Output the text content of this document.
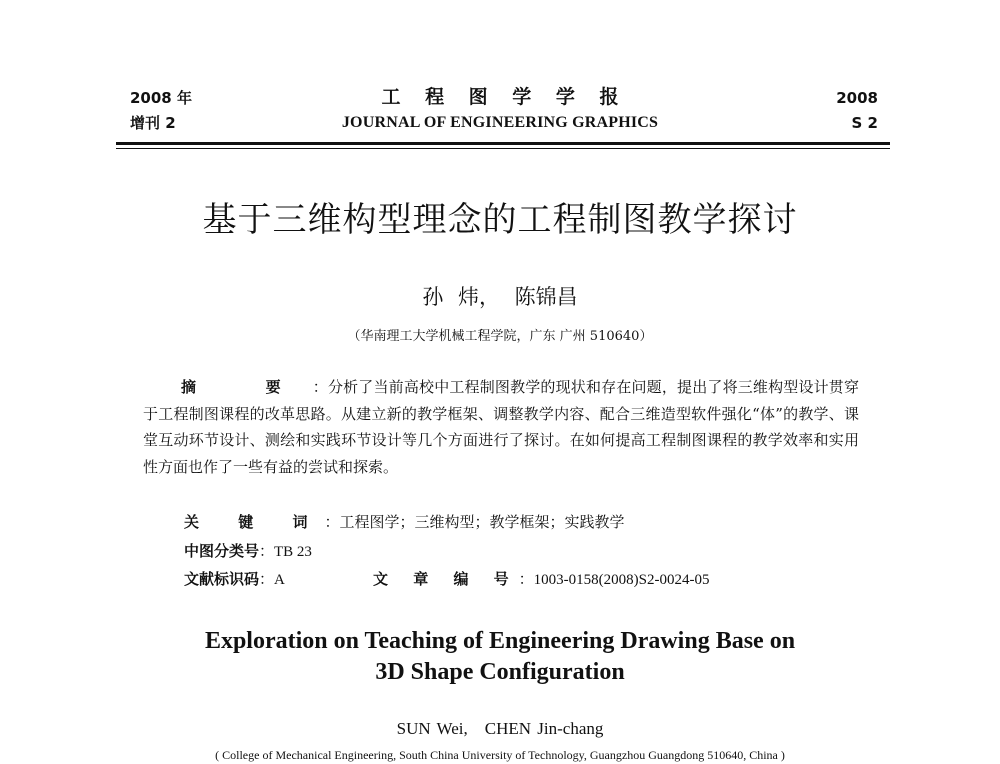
2008 年
增刊 2
工 程 图 学 学 报
JOURNAL OF ENGINEERING GRAPHICS
2008
S 2
基于三维构型理念的工程制图教学探讨
孙 炜， 陈锦昌
（华南理工大学机械工程学院，广东 广州 510640）
摘 要：分析了当前高校中工程制图教学的现状和存在问题，提出了将三维构型设计贯穿于工程制图课程的改革思路。从建立新的教学框架、调整教学内容、配合三维造型软件强化“体”的教学、课堂互动环节设计、测绘和实践环节设计等几个方面进行了探讨。在如何提高工程制图课程的教学效率和实用性方面也作了一些有益的尝试和探索。
关 键 词：工程图学；三维构型；教学框架；实践教学
中图分类号：TB 23
文献标识码：A	文 章 编 号：1003-0158(2008)S2-0024-05
Exploration on Teaching of Engineering Drawing Base on
3D Shape Configuration
SUN Wei,　CHEN Jin-chang
( College of Mechanical Engineering, South China University of Technology, Guangzhou Guangdong 510640, China )
